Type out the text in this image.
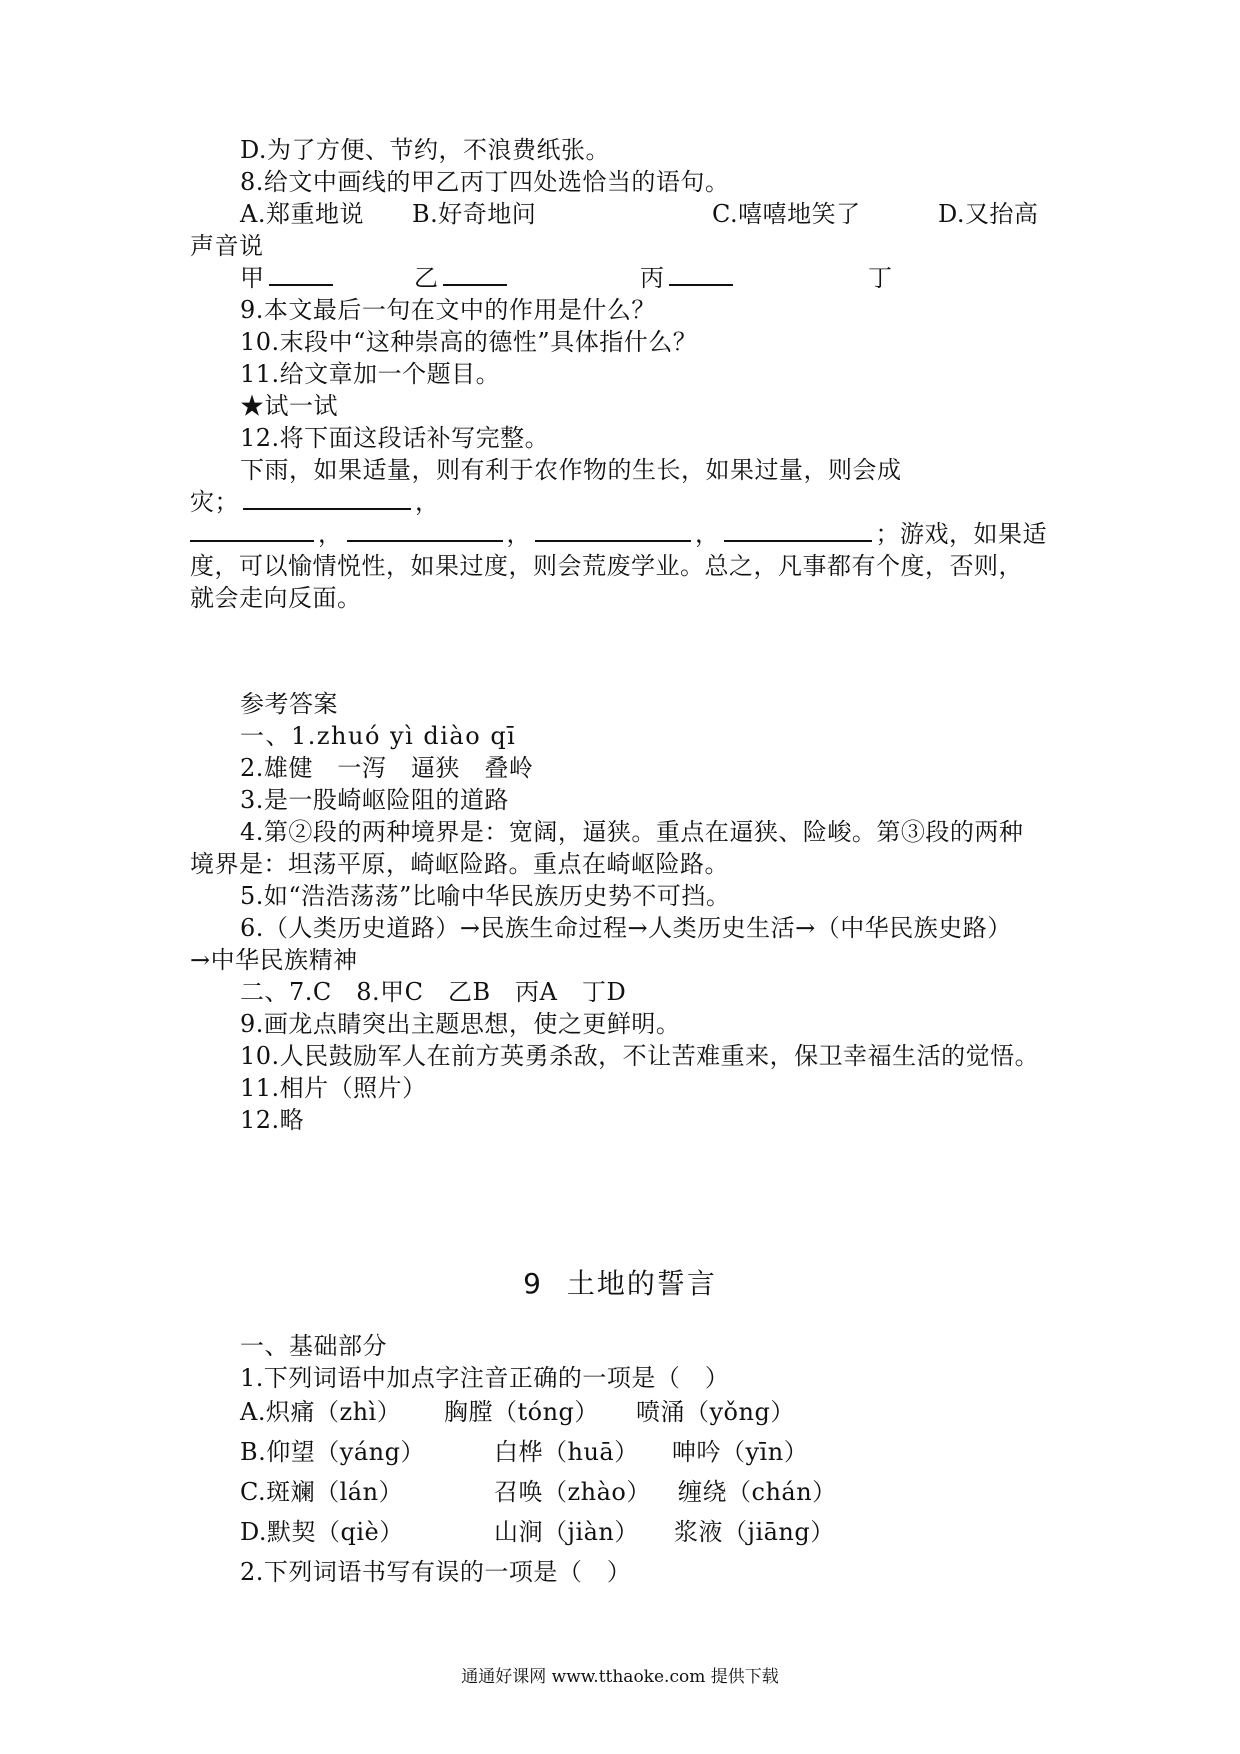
D.为了方便、节约，不浪费纸张。
8.给文中画线的甲乙丙丁四处选恰当的语句。
A.郑重地说 B.好奇地问	C.嘻嘻地笑了	D.又抬高
声音说
甲	乙	丙	丁
9.本文最后一句在文中的作用是什么？
10.末段中“这种崇高的德性”具体指什么？
11.给文章加一个题目。
★试一试
12.将下面这段话补写完整。
下雨，如果适量，则有利于农作物的生长，如果过量，则会成
灾；	，
，	，	，	；游戏，如果适
度，可以愉情悦性，如果过度，则会荒废学业。总之，凡事都有个度，否则，
就会走向反面。
参考答案
一、1.zhuó yì diào qī
2.雄健　一泻　逼狭　叠岭
3.是一股崎岖险阻的道路
4.第②段的两种境界是：宽阔，逼狭。重点在逼狭、险峻。第③段的两种
境界是：坦荡平原，崎岖险路。重点在崎岖险路。
5.如“浩浩荡荡”比喻中华民族历史势不可挡。
6.（人类历史道路）→民族生命过程→人类历史生活→（中华民族史路）
→中华民族精神
二、7.C　8.甲C　乙B　丙A　丁D
9.画龙点睛突出主题思想，使之更鲜明。
10.人民鼓励军人在前方英勇杀敌，不让苦难重来，保卫幸福生活的觉悟。
11.相片（照片）
12.略
9 土地的誓言
一、基础部分
1.下列词语中加点字注音正确的一项是（　）
A.炽痛（zhì） 胸膛（tóng） 喷涌（yǒng）
B.仰望（yáng）	白桦（huā） 呻吟（yīn）
C.斑斓（lán）	召唤（zhào） 缠绕（chán）
D.默契（qiè）	山涧（jiàn） 浆液（jiāng）
2.下列词语书写有误的一项是（　）
通通好课网 www.tthaoke.com 提供下载
